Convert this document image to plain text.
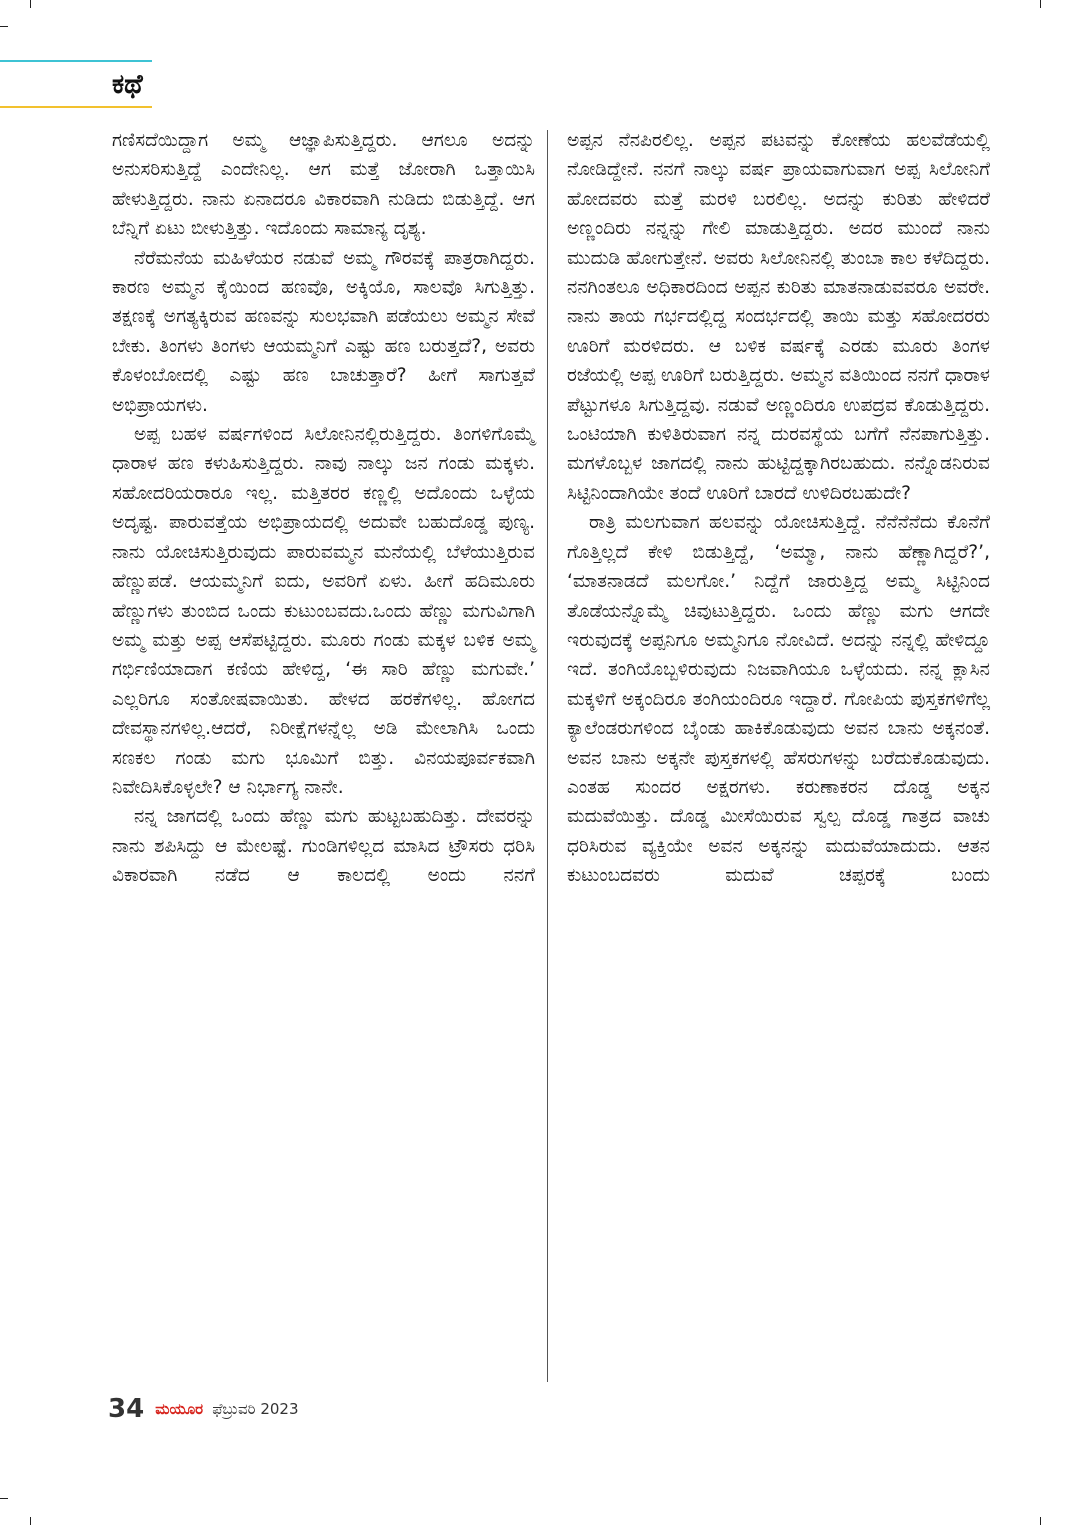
ಕಥೆ

ಗಣಿಸದೆಯಿದ್ದಾಗ ಅಮ್ಮ ಆಜ್ಞಾಪಿಸುತ್ತಿದ್ದರು. ಆಗಲೂ ಅದನ್ನು ಅನುಸರಿಸುತ್ತಿದ್ದೆ ಎಂದೇನಿಲ್ಲ. ಆಗ ಮತ್ತೆ ಜೋರಾಗಿ ಒತ್ತಾಯಿಸಿ ಹೇಳುತ್ತಿದ್ದರು. ನಾನು ಏನಾದರೂ ವಿಕಾರವಾಗಿ ನುಡಿದು ಬಿಡುತ್ತಿದ್ದೆ. ಆಗ ಬೆನ್ನಿಗೆ ಏಟು ಬೀಳುತ್ತಿತ್ತು. ಇದೊಂದು ಸಾಮಾನ್ಯ ದೃಶ್ಯ.

ನೆರೆಮನೆಯ ಮಹಿಳೆಯರ ನಡುವೆ ಅಮ್ಮ ಗೌರವಕ್ಕೆ ಪಾತ್ರರಾಗಿದ್ದರು. ಕಾರಣ ಅಮ್ಮನ ಕೈಯಿಂದ ಹಣವೊ, ಅಕ್ಕಿಯೊ, ಸಾಲವೊ ಸಿಗುತ್ತಿತ್ತು. ತಕ್ಷಣಕ್ಕೆ ಅಗತ್ಯಕ್ಕಿರುವ ಹಣವನ್ನು ಸುಲಭವಾಗಿ ಪಡೆಯಲು ಅಮ್ಮನ ಸೇವೆ ಬೇಕು. ತಿಂಗಳು ತಿಂಗಳು ಆಯಮ್ಮನಿಗೆ ಎಷ್ಟು ಹಣ ಬರುತ್ತದೆ?, ಅವರು ಕೊಳಂಬೋದಲ್ಲಿ ಎಷ್ಟು ಹಣ ಬಾಚುತ್ತಾರೆ? ಹೀಗೆ ಸಾಗುತ್ತವೆ ಅಭಿಪ್ರಾಯಗಳು.

ಅಪ್ಪ ಬಹಳ ವರ್ಷಗಳಿಂದ ಸಿಲೋನಿನಲ್ಲಿರುತ್ತಿದ್ದರು. ತಿಂಗಳಿಗೊಮ್ಮೆ ಧಾರಾಳ ಹಣ ಕಳುಹಿಸುತ್ತಿದ್ದರು. ನಾವು ನಾಲ್ಕು ಜನ ಗಂಡು ಮಕ್ಕಳು. ಸಹೋದರಿಯರಾರೂ ಇಲ್ಲ. ಮತ್ತಿತರರ ಕಣ್ಣಲ್ಲಿ ಅದೊಂದು ಒಳ್ಳೆಯ ಅದೃಷ್ಟ. ಪಾರುವತ್ತೆಯ ಅಭಿಪ್ರಾಯದಲ್ಲಿ ಅದುವೇ ಬಹುದೊಡ್ಡ ಪುಣ್ಯ. ನಾನು ಯೋಚಿಸುತ್ತಿರುವುದು ಪಾರುವಮ್ಮನ ಮನೆಯಲ್ಲಿ ಬೆಳೆಯುತ್ತಿರುವ ಹೆಣ್ಣುಪಡೆ. ಆಯಮ್ಮನಿಗೆ ಐದು, ಅವರಿಗೆ ಏಳು. ಹೀಗೆ ಹದಿಮೂರು ಹೆಣ್ಣುಗಳು ತುಂಬಿದ ಒಂದು ಕುಟುಂಬವದು.ಒಂದು ಹೆಣ್ಣು ಮಗುವಿಗಾಗಿ ಅಮ್ಮ ಮತ್ತು ಅಪ್ಪ ಆಸೆಪಟ್ಟಿದ್ದರು. ಮೂರು ಗಂಡು ಮಕ್ಕಳ ಬಳಿಕ ಅಮ್ಮ ಗರ್ಭಿಣಿಯಾದಾಗ ಕಣಿಯ ಹೇಳಿದ್ದ, ‘ಈ ಸಾರಿ ಹೆಣ್ಣು ಮಗುವೇ.’ ಎಲ್ಲರಿಗೂ ಸಂತೋಷವಾಯಿತು. ಹೇಳದ ಹರಕೆಗಳಿಲ್ಲ. ಹೋಗದ ದೇವಸ್ಥಾನಗಳಿಲ್ಲ.ಆದರೆ, ನಿರೀಕ್ಷೆಗಳನ್ನೆಲ್ಲ ಅಡಿ ಮೇಲಾಗಿಸಿ ಒಂದು ಸಣಕಲ ಗಂಡು ಮಗು ಭೂಮಿಗೆ ಬಿತ್ತು. ವಿನಯಪೂರ್ವಕವಾಗಿ ನಿವೇದಿಸಿಕೊಳ್ಳಲೇ? ಆ ನಿರ್ಭಾಗ್ಯ ನಾನೇ.

ನನ್ನ ಜಾಗದಲ್ಲಿ ಒಂದು ಹೆಣ್ಣು ಮಗು ಹುಟ್ಟಬಹುದಿತ್ತು. ದೇವರನ್ನು ನಾನು ಶಪಿಸಿದ್ದು ಆ ಮೇಲಷ್ಟೆ. ಗುಂಡಿಗಳಿಲ್ಲದ ಮಾಸಿದ ಟ್ರೌಸರು ಧರಿಸಿ ವಿಕಾರವಾಗಿ ನಡೆದ ಆ ಕಾಲದಲ್ಲಿ ಅಂದು ನನಗೆ

ಅಪ್ಪನ ನೆನಪಿರಲಿಲ್ಲ. ಅಪ್ಪನ ಪಟವನ್ನು ಕೋಣೆಯ ಹಲವೆಡೆಯಲ್ಲಿ ನೋಡಿದ್ದೇನೆ. ನನಗೆ ನಾಲ್ಕು ವರ್ಷ ಪ್ರಾಯವಾಗುವಾಗ ಅಪ್ಪ ಸಿಲೋನಿಗೆ ಹೋದವರು ಮತ್ತೆ ಮರಳಿ ಬರಲಿಲ್ಲ. ಅದನ್ನು ಕುರಿತು ಹೇಳಿದರೆ ಅಣ್ಣಂದಿರು ನನ್ನನ್ನು ಗೇಲಿ ಮಾಡುತ್ತಿದ್ದರು. ಅದರ ಮುಂದೆ ನಾನು ಮುದುಡಿ ಹೋಗುತ್ತೇನೆ. ಅವರು ಸಿಲೋನಿನಲ್ಲಿ ತುಂಬಾ ಕಾಲ ಕಳೆದಿದ್ದರು. ನನಗಿಂತಲೂ ಅಧಿಕಾರದಿಂದ ಅಪ್ಪನ ಕುರಿತು ಮಾತನಾಡುವವರೂ ಅವರೇ. ನಾನು ತಾಯ ಗರ್ಭದಲ್ಲಿದ್ದ ಸಂದರ್ಭದಲ್ಲಿ ತಾಯಿ ಮತ್ತು ಸಹೋದರರು ಊರಿಗೆ ಮರಳಿದರು. ಆ ಬಳಿಕ ವರ್ಷಕ್ಕೆ ಎರಡು ಮೂರು ತಿಂಗಳ ರಜೆಯಲ್ಲಿ ಅಪ್ಪ ಊರಿಗೆ ಬರುತ್ತಿದ್ದರು. ಅಮ್ಮನ ವತಿಯಿಂದ ನನಗೆ ಧಾರಾಳ ಪೆಟ್ಟುಗಳೂ ಸಿಗುತ್ತಿದ್ದವು. ನಡುವೆ ಅಣ್ಣಂದಿರೂ ಉಪದ್ರವ ಕೊಡುತ್ತಿದ್ದರು. ಒಂಟಿಯಾಗಿ ಕುಳಿತಿರುವಾಗ ನನ್ನ ದುರವಸ್ಥೆಯ ಬಗೆಗೆ ನೆನಪಾಗುತ್ತಿತ್ತು. ಮಗಳೊಬ್ಬಳ ಜಾಗದಲ್ಲಿ ನಾನು ಹುಟ್ಟಿದ್ದಕ್ಕಾಗಿರಬಹುದು. ನನ್ನೊಡನಿರುವ ಸಿಟ್ಟಿನಿಂದಾಗಿಯೇ ತಂದೆ ಊರಿಗೆ ಬಾರದೆ ಉಳಿದಿರಬಹುದೇ?

ರಾತ್ರಿ ಮಲಗುವಾಗ ಹಲವನ್ನು ಯೋಚಿಸುತ್ತಿದ್ದೆ. ನೆನೆನೆನೆದು ಕೊನೆಗೆ ಗೊತ್ತಿಲ್ಲದೆ ಕೇಳಿ ಬಿಡುತ್ತಿದ್ದೆ, ‘ಅಮ್ಮಾ, ನಾನು ಹೆಣ್ಣಾಗಿದ್ದರೆ?’, ‘ಮಾತನಾಡದೆ ಮಲಗೋ.’ ನಿದ್ದೆಗೆ ಜಾರುತ್ತಿದ್ದ ಅಮ್ಮ ಸಿಟ್ಟಿನಿಂದ ತೊಡೆಯನ್ನೊಮ್ಮೆ ಚಿವುಟುತ್ತಿದ್ದರು. ಒಂದು ಹೆಣ್ಣು ಮಗು ಆಗದೇ ಇರುವುದಕ್ಕೆ ಅಪ್ಪನಿಗೂ ಅಮ್ಮನಿಗೂ ನೋವಿದೆ. ಅದನ್ನು ನನ್ನಲ್ಲಿ ಹೇಳಿದ್ದೂ ಇದೆ. ತಂಗಿಯೊಬ್ಬಳಿರುವುದು ನಿಜವಾಗಿಯೂ ಒಳ್ಳೆಯದು. ನನ್ನ ಕ್ಲಾಸಿನ ಮಕ್ಕಳಿಗೆ ಅಕ್ಕಂದಿರೂ ತಂಗಿಯಂದಿರೂ ಇದ್ದಾರೆ. ಗೋಪಿಯ ಪುಸ್ತಕಗಳಿಗೆಲ್ಲ ಕ್ಯಾಲೆಂಡರುಗಳಿಂದ ಬೈಂಡು ಹಾಕಿಕೊಡುವುದು ಅವನ ಬಾನು ಅಕ್ಕನಂತೆ. ಅವನ ಬಾನು ಅಕ್ಕನೇ ಪುಸ್ತಕಗಳಲ್ಲಿ ಹೆಸರುಗಳನ್ನು ಬರೆದುಕೊಡುವುದು. ಎಂತಹ ಸುಂದರ ಅಕ್ಷರಗಳು. ಕರುಣಾಕರನ ದೊಡ್ಡ ಅಕ್ಕನ ಮದುವೆಯಿತ್ತು. ದೊಡ್ಡ ಮೀಸೆಯಿರುವ ಸ್ವಲ್ಪ ದೊಡ್ಡ ಗಾತ್ರದ ವಾಚು ಧರಿಸಿರುವ ವ್ಯಕ್ತಿಯೇ ಅವನ ಅಕ್ಕನನ್ನು ಮದುವೆಯಾದುದು. ಆತನ ಕುಟುಂಬದವರು ಮದುವೆ ಚಪ್ಪರಕ್ಕೆ ಬಂದು

34 ಮಯೂರ ಫೆಬ್ರುವರಿ 2023
